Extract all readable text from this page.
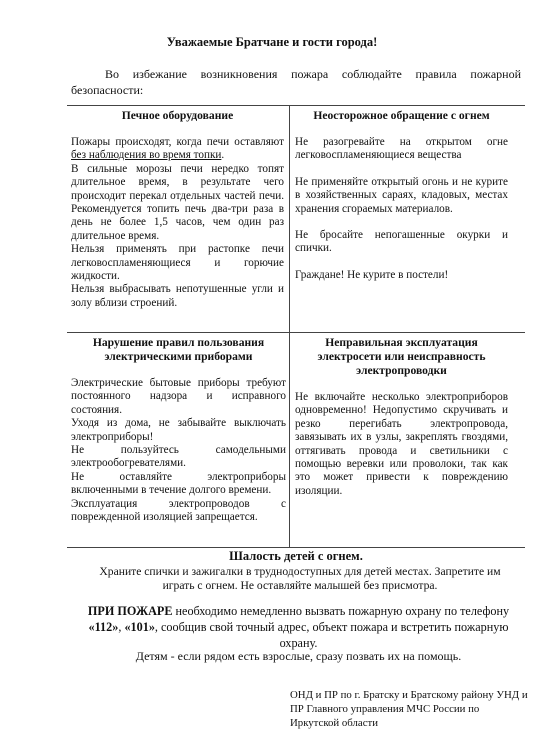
Уважаемые Братчане и гости города!
Во избежание возникновения пожара соблюдайте правила пожарной безопасности:
Печное оборудование

Пожары происходят, когда печи оставляют без наблюдения во время топки.

В сильные морозы печи нередко топят длительное время, в результате чего происходит перекал отдельных частей печи. Рекомендуется топить печь два-три раза в день не более 1,5 часов, чем один раз длительное время.

Нельзя применять при растопке печи легковоспламеняющиеся и горючие жидкости.

Нельзя выбрасывать непотушенные угли и золу вблизи строений.

Неосторожное обращение с огнем

Не разогревайте на открытом огне легковоспламеняющиеся вещества

Не применяйте открытый огонь и не курите в хозяйственных сараях, кладовых, местах хранения сгораемых материалов.

Не бросайте непогашенные окурки и спички.

Граждане! Не курите в постели!

Нарушение правил пользования электрическими приборами

Электрические бытовые приборы требуют постоянного надзора и исправного состояния.

Уходя из дома, не забывайте выключать электроприборы!

Не пользуйтесь самодельными электрообогревателями.

Не оставляйте электроприборы включенными в течение долгого времени.

Эксплуатация электропроводов с поврежденной изоляцией запрещается.

Неправильная эксплуатация электросети или неисправность электропроводки

Не включайте несколько электроприборов одновременно! Недопустимо скручивать и резко перегибать электропровода, завязывать их в узлы, закреплять гвоздями, оттягивать провода и светильники с помощью веревки или проволоки, так как это может привести к повреждению изоляции.

Шалость детей с огнем.
Храните спички и зажигалки в труднодоступных для детей местах. Запретите им играть с огнем. Не оставляйте малышей без присмотра.
ПРИ ПОЖАРЕ необходимо немедленно вызвать пожарную охрану по телефону «112», «101», сообщив свой точный адрес, объект пожара и встретить пожарную охрану.
Детям - если рядом есть взрослые, сразу позвать их на помощь.
ОНД и ПР по г. Братску и Братскому району УНД и ПР Главного управления МЧС России по Иркутской области
